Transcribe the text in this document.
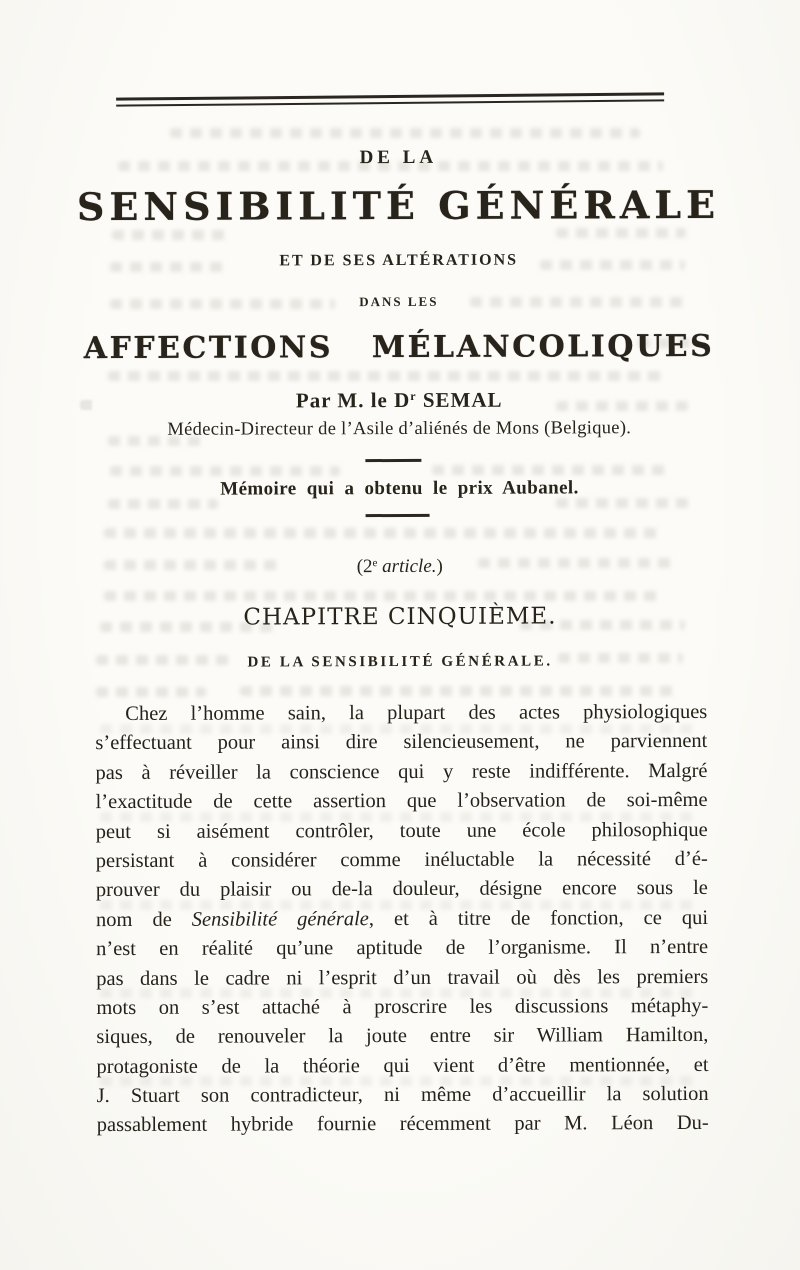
DE LA
SENSIBILITÉ GÉNÉRALE
ET DE SES ALTÉRATIONS
DANS LES
AFFECTIONS MÉLANCOLIQUES
Par M. le $D^r$ SEMAL
Médecin-Directeur de l’Asile d’aliénés de Mons (Belgique).
Mémoire qui a obtenu le prix Aubanel.
(2e article.)
CHAPITRE CINQUIÈME.
DE LA SENSIBILITÉ GÉNÉRALE.
Chez l’homme sain, la plupart des actes physiologiques
s’effectuant pour ainsi dire silencieusement, ne parviennent
pas à réveiller la conscience qui y reste indifférente. Malgré
l’exactitude de cette assertion que l’observation de soi-même
peut si aisément contrôler, toute une école philosophique
persistant à considérer comme inéluctable la nécessité d’é-
prouver du plaisir ou de-la douleur, désigne encore sous le
nom de Sensibilité générale, et à titre de fonction, ce qui
n’est en réalité qu’une aptitude de l’organisme. Il n’entre
pas dans le cadre ni l’esprit d’un travail où dès les premiers
mots on s’est attaché à proscrire les discussions métaphy-
siques, de renouveler la joute entre sir William Hamilton,
protagoniste de la théorie qui vient d’être mentionnée, et
J. Stuart son contradicteur, ni même d’accueillir la solution
passablement hybride fournie récemment par M. Léon Du-
